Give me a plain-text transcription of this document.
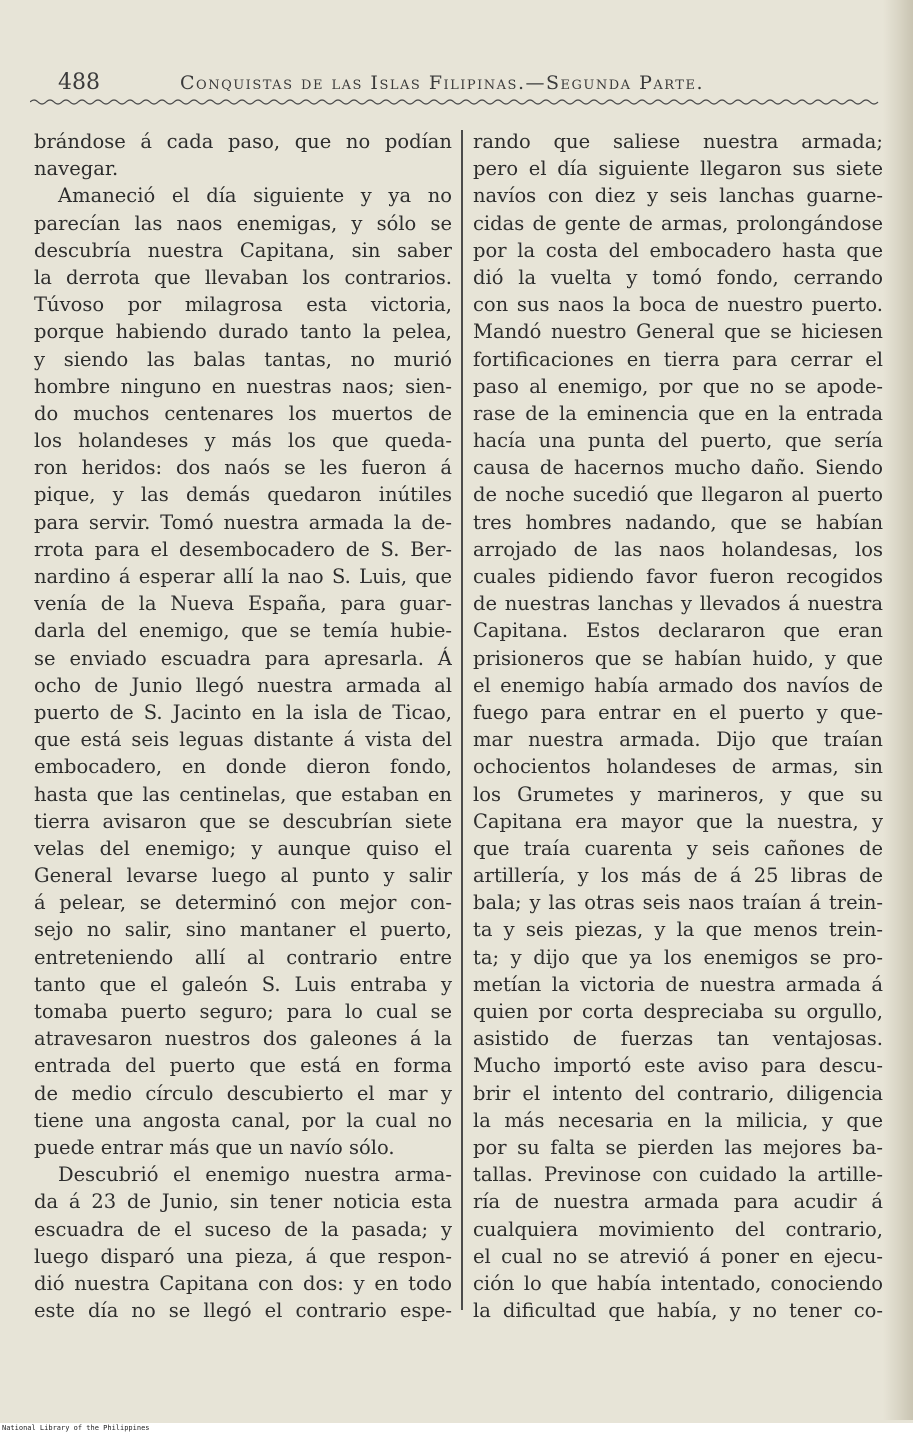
488	Conquistas de las Islas Filipinas.—Segunda Parte.
brándose á cada paso, que no podían
navegar.
Amaneció el día siguiente y ya no
parecían las naos enemigas, y sólo se
descubría nuestra Capitana, sin saber
la derrota que llevaban los contrarios.
Túvoso por milagrosa esta victoria,
porque habiendo durado tanto la pelea,
y siendo las balas tantas, no murió
hombre ninguno en nuestras naos; sien-
do muchos centenares los muertos de
los holandeses y más los que queda-
ron heridos: dos naós se les fueron á
pique, y las demás quedaron inútiles
para servir. Tomó nuestra armada la de-
rrota para el desembocadero de S. Ber-
nardino á esperar allí la nao S. Luis, que
venía de la Nueva España, para guar-
darla del enemigo, que se temía hubie-
se enviado escuadra para apresarla. Á
ocho de Junio llegó nuestra armada al
puerto de S. Jacinto en la isla de Ticao,
que está seis leguas distante á vista del
embocadero, en donde dieron fondo,
hasta que las centinelas, que estaban en
tierra avisaron que se descubrían siete
velas del enemigo; y aunque quiso el
General levarse luego al punto y salir
á pelear, se determinó con mejor con-
sejo no salir, sino mantaner el puerto,
entreteniendo allí al contrario entre
tanto que el galeón S. Luis entraba y
tomaba puerto seguro; para lo cual se
atravesaron nuestros dos galeones á la
entrada del puerto que está en forma
de medio círculo descubierto el mar y
tiene una angosta canal, por la cual no
puede entrar más que un navío sólo.
Descubrió el enemigo nuestra arma-
da á 23 de Junio, sin tener noticia esta
escuadra de el suceso de la pasada; y
luego disparó una pieza, á que respon-
dió nuestra Capitana con dos: y en todo
este día no se llegó el contrario espe-
rando que saliese nuestra armada;
pero el día siguiente llegaron sus siete
navíos con diez y seis lanchas guarne-
cidas de gente de armas, prolongándose
por la costa del embocadero hasta que
dió la vuelta y tomó fondo, cerrando
con sus naos la boca de nuestro puerto.
Mandó nuestro General que se hiciesen
fortificaciones en tierra para cerrar el
paso al enemigo, por que no se apode-
rase de la eminencia que en la entrada
hacía una punta del puerto, que sería
causa de hacernos mucho daño. Siendo
de noche sucedió que llegaron al puerto
tres hombres nadando, que se habían
arrojado de las naos holandesas, los
cuales pidiendo favor fueron recogidos
de nuestras lanchas y llevados á nuestra
Capitana. Estos declararon que eran
prisioneros que se habían huido, y que
el enemigo había armado dos navíos de
fuego para entrar en el puerto y que-
mar nuestra armada. Dijo que traían
ochocientos holandeses de armas, sin
los Grumetes y marineros, y que su
Capitana era mayor que la nuestra, y
que traía cuarenta y seis cañones de
artillería, y los más de á 25 libras de
bala; y las otras seis naos traían á trein-
ta y seis piezas, y la que menos trein-
ta; y dijo que ya los enemigos se pro-
metían la victoria de nuestra armada á
quien por corta despreciaba su orgullo,
asistido de fuerzas tan ventajosas.
Mucho importó este aviso para descu-
brir el intento del contrario, diligencia
la más necesaria en la milicia, y que
por su falta se pierden las mejores ba-
tallas. Previnose con cuidado la artille-
ría de nuestra armada para acudir á
cualquiera movimiento del contrario,
el cual no se atrevió á poner en ejecu-
ción lo que había intentado, conociendo
la dificultad que había, y no tener co-
National Library of the Philippines
